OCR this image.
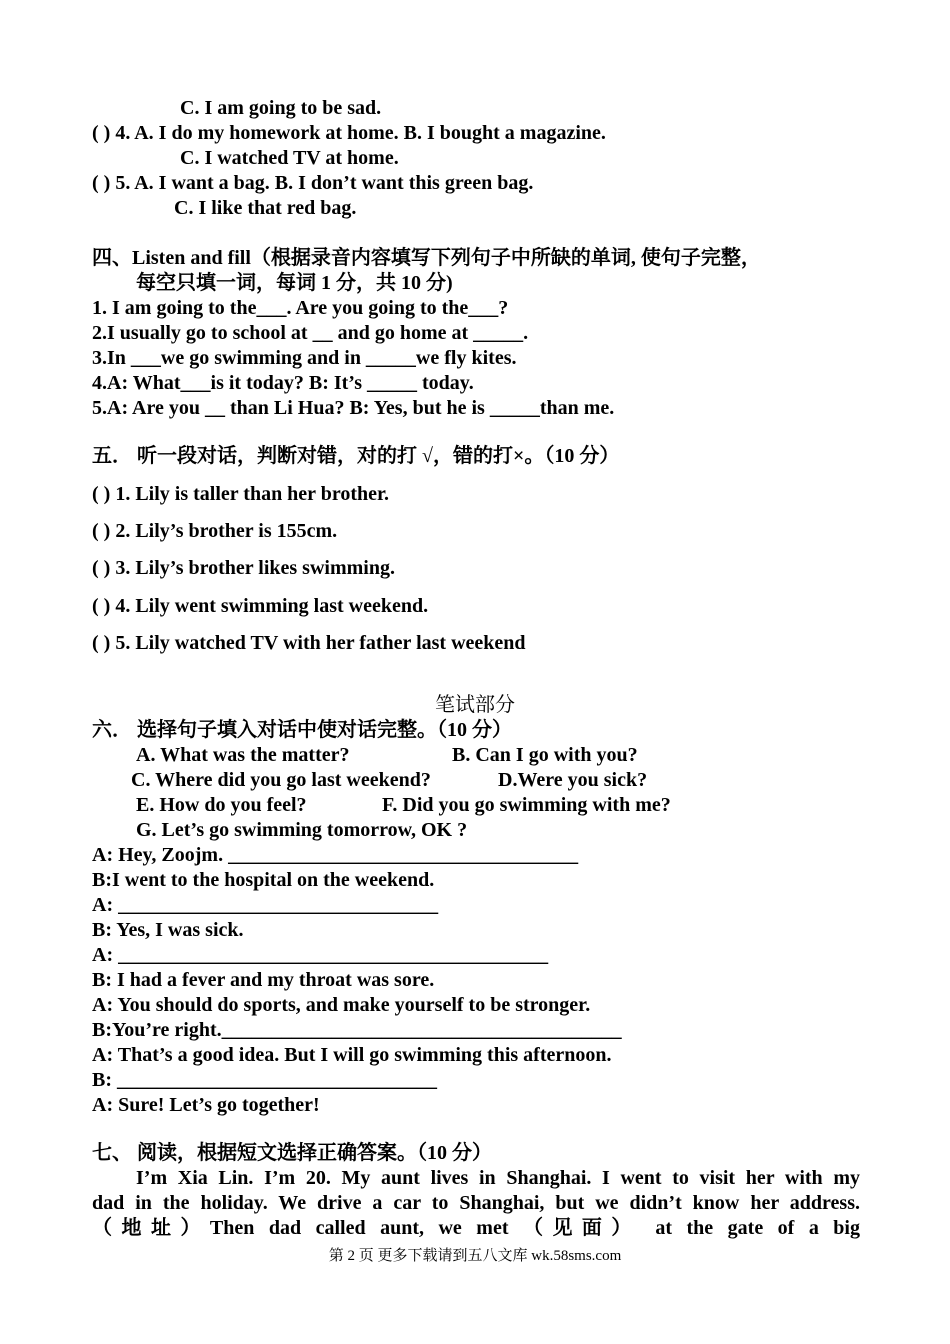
C. I am going to be sad.
( ) 4. A. I do my homework at home. B. I bought a magazine.
C. I watched TV at home.
( ) 5. A. I want a bag. B. I don’t want this green bag.
C. I like that red bag.
四、Listen and fill（根据录音内容填写下列句子中所缺的单词, 使句子完整，
每空只填一词，每词 1 分，共 10 分)
1. I am going to the___. Are you going to the___?
2.I usually go to school at __ and go home at _____.
3.In ___we go swimming and in _____we fly kites.
4.A: What___is it today? B: It’s _____ today.
5.A: Are you __ than Li Hua? B: Yes, but he is _____than me.
五． 听一段对话，判断对错，对的打 √，错的打×。（10 分）
( ) 1. Lily is taller than her brother.
( ) 2. Lily’s brother is 155cm.
( ) 3. Lily’s brother likes swimming.
( ) 4. Lily went swimming last weekend.
( ) 5. Lily watched TV with her father last weekend
笔试部分
六． 选择句子填入对话中使对话完整。（10 分）
A. What was the matter?	B. Can I go with you?
C. Where did you go last weekend?	D.Were you sick?
E. How do you feel?	F. Did you go swimming with me?
G. Let’s go swimming tomorrow, OK ?
A: Hey, Zoojm. ___________________________________
B:I went to the hospital on the weekend.
A: ________________________________
B: Yes, I was sick.
A: ___________________________________________
B: I had a fever and my throat was sore.
A: You should do sports, and make yourself to be stronger.
B:You’re right.________________________________________
A: That’s a good idea. But I will go swimming this afternoon.
B: ________________________________
A: Sure! Let’s go together!
七、 阅读，根据短文选择正确答案。（10 分）
I’m Xia Lin. I’m 20. My aunt lives in Shanghai. I went to visit her with my
dad in the holiday. We drive a car to Shanghai, but we didn’t know her address.
（地址）Then dad called aunt, we met （见面） at the gate of a big
第 2 页 更多下载请到五八文库 wk.58sms.com
